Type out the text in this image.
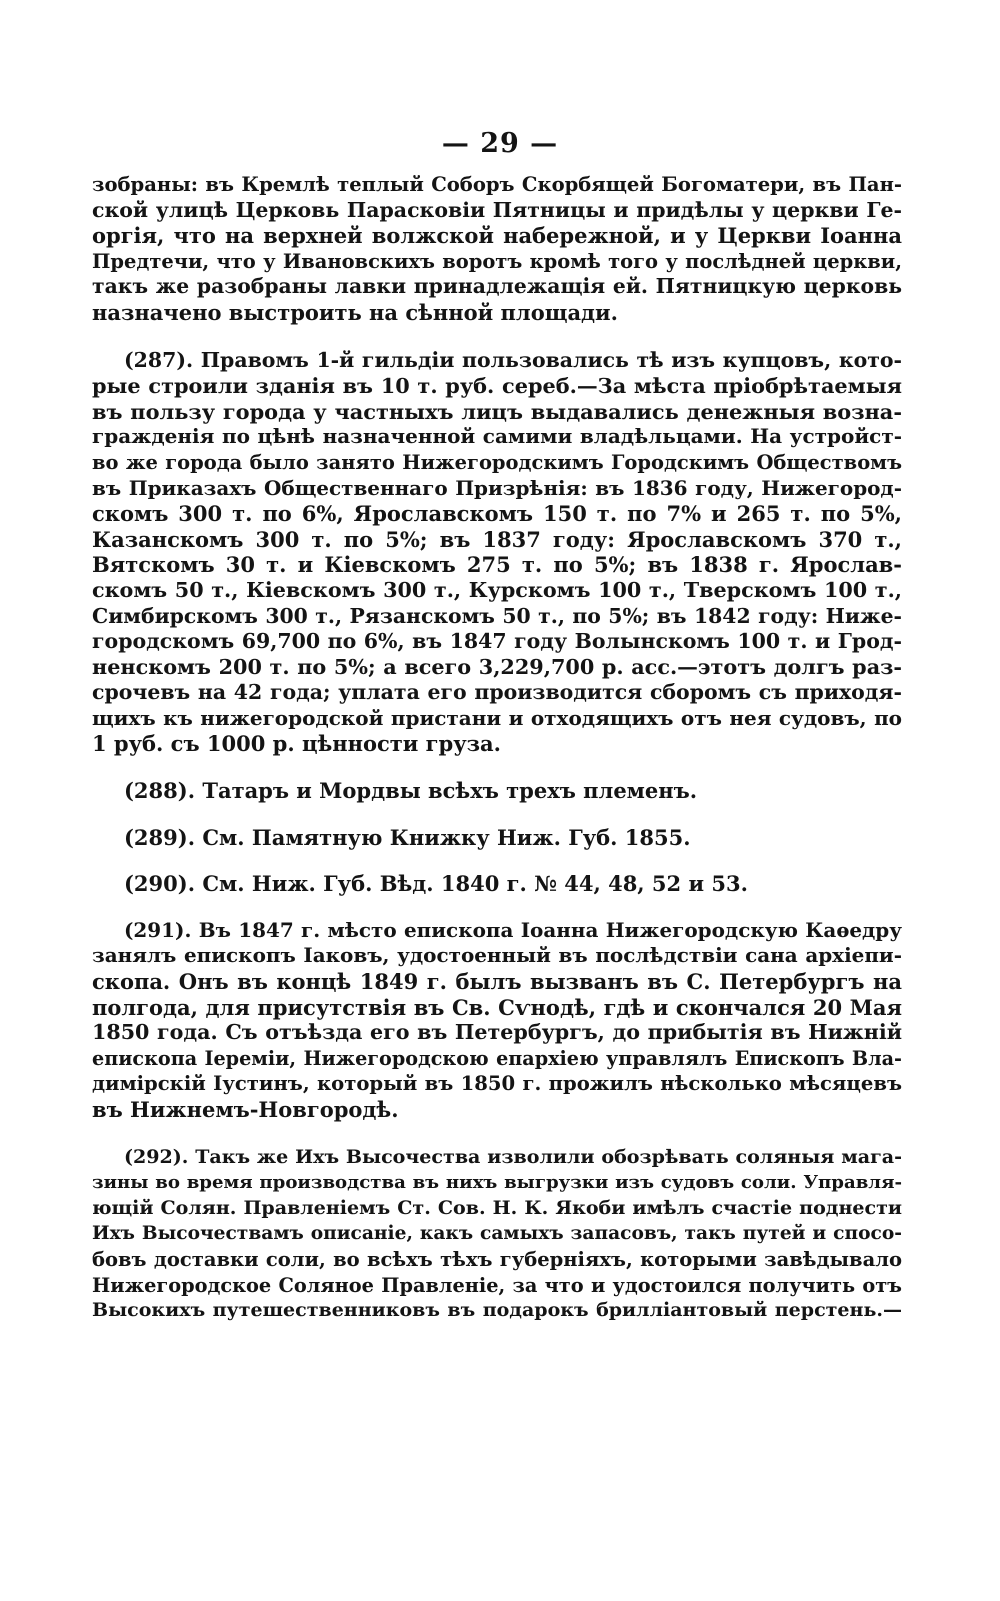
— 29 —
зобраны: въ Кремлѣ теплый Соборъ Скорбящей Богоматери, въ Пан-
ской улицѣ Церковь Парасковіи Пятницы и придѣлы у церкви Ге-
оргія, что на верхней волжской набережной, и у Церкви Іоанна
Предтечи, что у Ивановскихъ воротъ кромѣ того у послѣдней церкви,
такъ же разобраны лавки принадлежащія ей. Пятницкую церковь
назначено выстроить на сѣнной площади.
(287). Правомъ 1-й гильдіи пользовались тѣ изъ купцовъ, кото-
рые строили зданія въ 10 т. руб. сереб.—За мѣста пріобрѣтаемыя
въ пользу города у частныхъ лицъ выдавались денежныя возна-
гражденія по цѣнѣ назначенной самими владѣльцами. На устройст-
во же города было занято Нижегородскимъ Городскимъ Обществомъ
въ Приказахъ Общественнаго Призрѣнія: въ 1836 году, Нижегород-
скомъ 300 т. по 6%, Ярославскомъ 150 т. по 7% и 265 т. по 5%,
Казанскомъ 300 т. по 5%; въ 1837 году: Ярославскомъ 370 т.,
Вятскомъ 30 т. и Кіевскомъ 275 т. по 5%; въ 1838 г. Ярослав-
скомъ 50 т., Кіевскомъ 300 т., Курскомъ 100 т., Тверскомъ 100 т.,
Симбирскомъ 300 т., Рязанскомъ 50 т., по 5%; въ 1842 году: Ниже-
городскомъ 69,700 по 6%, въ 1847 году Волынскомъ 100 т. и Грод-
ненскомъ 200 т. по 5%; а всего 3,229,700 р. асс.—этотъ долгъ раз-
срочевъ на 42 года; уплата его производится сборомъ съ приходя-
щихъ къ нижегородской пристани и отходящихъ отъ нея судовъ, по
1 руб. съ 1000 р. цѣнности груза.
(288). Татаръ и Мордвы всѣхъ трехъ племенъ.
(289). См. Памятную Книжку Ниж. Губ. 1855.
(290). См. Ниж. Губ. Вѣд. 1840 г. № 44, 48, 52 и 53.
(291). Въ 1847 г. мѣсто епископа Іоанна Нижегородскую Каѳедру
занялъ епископъ Іаковъ, удостоенный въ послѣдствіи сана архіепи-
скопа. Онъ въ концѣ 1849 г. былъ вызванъ въ С. Петербургъ на
полгода, для присутствія въ Св. Сѵнодѣ, гдѣ и скончался 20 Мая
1850 года. Съ отъѣзда его въ Петербургъ, до прибытія въ Нижній
епископа Іереміи, Нижегородскою епархіею управлялъ Епископъ Вла-
димірскій Іустинъ, который въ 1850 г. прожилъ нѣсколько мѣсяцевъ
въ Нижнемъ-Новгородѣ.
(292). Такъ же Ихъ Высочества изволили обозрѣвать соляныя мага-
зины во время производства въ нихъ выгрузки изъ судовъ соли. Управля-
ющій Солян. Правленіемъ Ст. Сов. Н. К. Якоби имѣлъ счастіе поднести
Ихъ Высочествамъ описаніе, какъ самыхъ запасовъ, такъ путей и спосо-
бовъ доставки соли, во всѣхъ тѣхъ губерніяхъ, которыми завѣдывало
Нижегородское Соляное Правленіе, за что и удостоился получить отъ
Высокихъ путешественниковъ въ подарокъ бриллiантовый перстень.—
